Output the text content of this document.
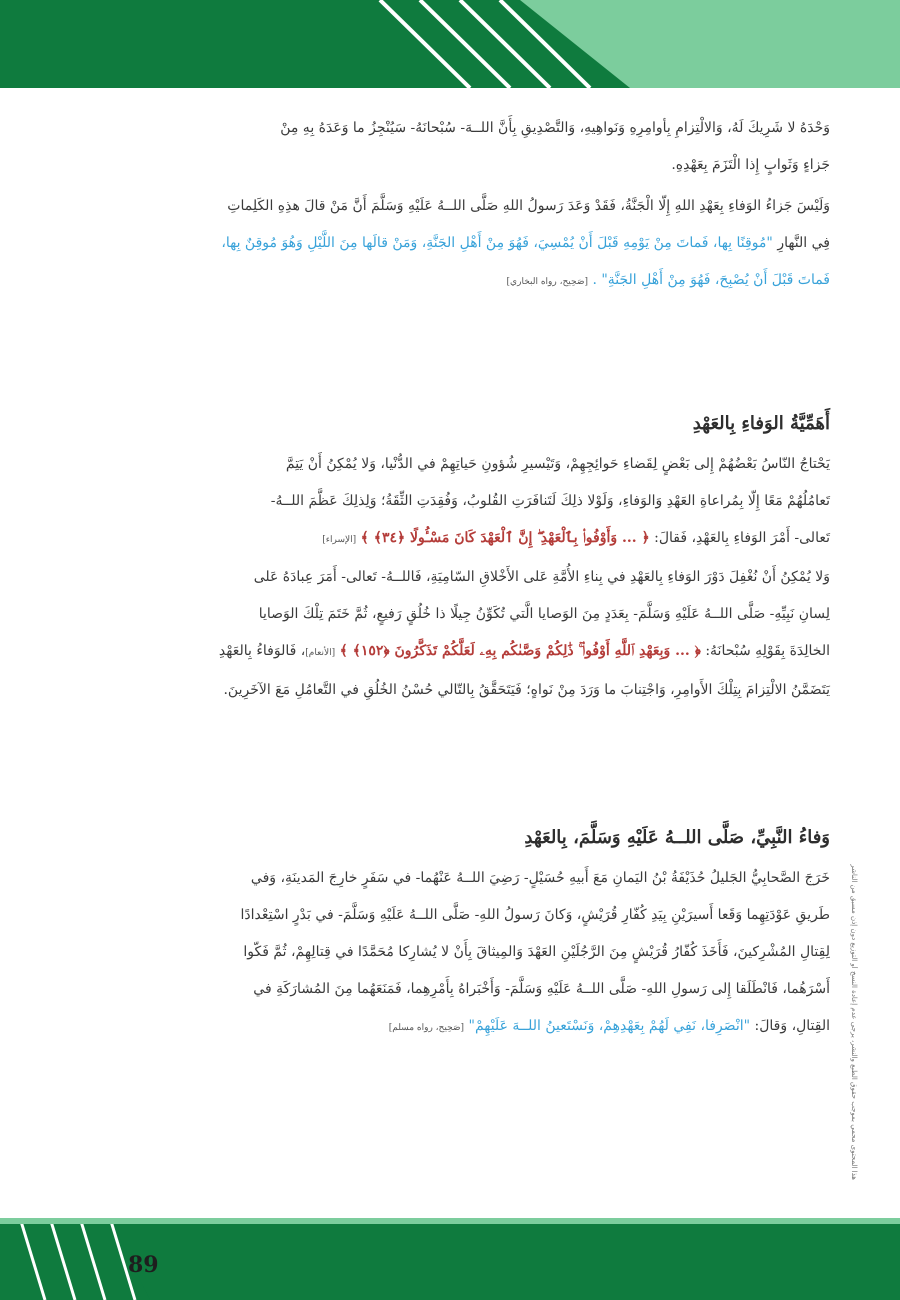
هذا المحتوى محمي بموجب حقوق الطبع والنشر، يرجى عدم إعادة النسخ أو التوزيع دون إذن مسبق من الناشر

وَحْدَهُ لا شَرِيكَ لَهُ، وَالالْتِزامِ بِأوامِرِهِ وَنَواهِيهِ، وَالتَّصْدِيقِ بِأَنَّ اللــهَ- سُبْحانَهُ- سَيُنْجِزُ ما وَعَدَهُ بِهِ مِنْ

جَزاءٍ وَثَوابٍ إِذا الْتَزَمَ بِعَهْدِهِ.

وَلَيْسَ جَزاءُ الوَفاءِ بِعَهْدِ اللهِ إِلّا الْجَنَّةُ، فَقَدْ وَعَدَ رَسولُ اللهِ صَلَّى اللــهُ عَلَيْهِ وَسَلَّمَ أَنَّ مَنْ قالَ هذِهِ الكَلِماتِ

فِي النَّهارِ "مُوقِنًا بِها، فَماتَ مِنْ يَوْمِهِ قَبْلَ أَنْ يُمْسِيَ، فَهُوَ مِنْ أَهْلِ الجَنَّةِ، وَمَنْ قالَها مِنَ اللَّيْلِ وَهُوَ مُوقِنٌ بِها،

فَماتَ قَبْلَ أَنْ يُصْبِحَ، فَهُوَ مِنْ أَهْلِ الجَنَّةِ" . [صَحِيح، رواه البخاري]

أَهَمِّيَّةُ الوَفاءِ بِالعَهْدِ

يَحْتاجُ النّاسُ بَعْضُهُمْ إِلى بَعْضٍ لِقَضاءِ حَوائِجِهِمْ، وَتَيْسيرِ شُؤونِ حَياتِهِمْ في الدُّنْيا، وَلا يُمْكِنُ أَنْ يَتِمَّ

تَعامُلُهُمْ مَعًا إِلّا بِمُراعاةِ العَهْدِ وَالوَفاءِ، وَلَوْلا ذلِكَ لَتَنافَرَتِ القُلوبُ، وَفُقِدَتِ الثِّقَةُ؛ وَلِذلِكَ عَظَّمَ اللــهُ-

تَعالى- أَمْرَ الوَفاءِ بِالعَهْدِ، فَقالَ: ﴿ ... وَأَوْفُوا۟ بِٱلْعَهْدِ ۖ إِنَّ ٱلْعَهْدَ كَانَ مَسْـُٔولًا ﴿٣٤﴾ ﴾ [الإسراء]

وَلا يُمْكِنُ أَنْ نُغْفِلَ دَوْرَ الوَفاءِ بِالعَهْدِ في بِناءِ الأُمَّةِ عَلى الأَخْلاقِ السّامِيَةِ، فَاللــهُ- تَعالى- أَمَرَ عِبادَهُ عَلى

لِسانِ نَبِيِّهِ- صَلَّى اللــهُ عَلَيْهِ وَسَلَّمَ- بِعَدَدٍ مِنَ الوَصايا الَّتي تُكَوِّنُ جِيلًا ذا خُلُقٍ رَفيعٍ، ثُمَّ خَتَمَ تِلْكَ الوَصايا

الخالِدَةَ بِقَوْلِهِ سُبْحانَهُ: ﴿ ... وَبِعَهْدِ ٱللَّهِ أَوْفُوا۟ ۚ ذَٰلِكُمْ وَصَّىٰكُم بِهِۦ لَعَلَّكُمْ تَذَكَّرُونَ ﴿١٥٢﴾ ﴾ [الأنعام]، فَالوَفاءُ بِالعَهْدِ

يَتَضَمَّنُ الالْتِزامَ بِتِلْكَ الأَوامِرِ، وَاجْتِنابَ ما وَرَدَ مِنْ نَواهٍ؛ فَيَتَحَقَّقُ بِالتّالي حُسْنُ الخُلُقِ في التَّعامُلِ مَعَ الآخَرِينَ.

وَفاءُ النَّبِيِّ، صَلَّى اللــهُ عَلَيْهِ وَسَلَّمَ، بِالعَهْدِ

خَرَجَ الصَّحابِيُّ الجَليلُ حُذَيْفَةُ بْنُ اليَمانِ مَعَ أَبيهِ حُسَيْلٍ- رَضِيَ اللــهُ عَنْهُما- في سَفَرٍ خارِجَ المَدينَةِ، وَفي

طَريقِ عَوْدَتِهِما وَقَعا أَسيرَيْنِ بِيَدِ كُفّارِ قُرَيْشٍ، وَكانَ رَسولُ اللهِ- صَلَّى اللــهُ عَلَيْهِ وَسَلَّمَ- في بَدْرٍ اسْتِعْدادًا

لِقِتالِ المُشْرِكينَ، فَأَخَذَ كُفّارُ قُرَيْشٍ مِنَ الرَّجُلَيْنِ العَهْدَ وَالمِيثاقَ بِأَنْ لا يُشارِكا مُحَمَّدًا في قِتالِهِمْ، ثُمَّ فَكّوا

أَسْرَهُما، فَانْطَلَقا إِلى رَسولِ اللهِ- صَلَّى اللــهُ عَلَيْهِ وَسَلَّمَ- وَأَخْبَراهُ بِأَمْرِهِما، فَمَنَعَهُما مِنَ المُشارَكَةِ في

القِتالِ، وَقالَ: "انْصَرِفا، نَفِي لَهُمْ بِعَهْدِهِمْ، وَنَسْتَعينُ اللــهَ عَلَيْهِمْ" [صَحِيح، رواه مسلم]

89
